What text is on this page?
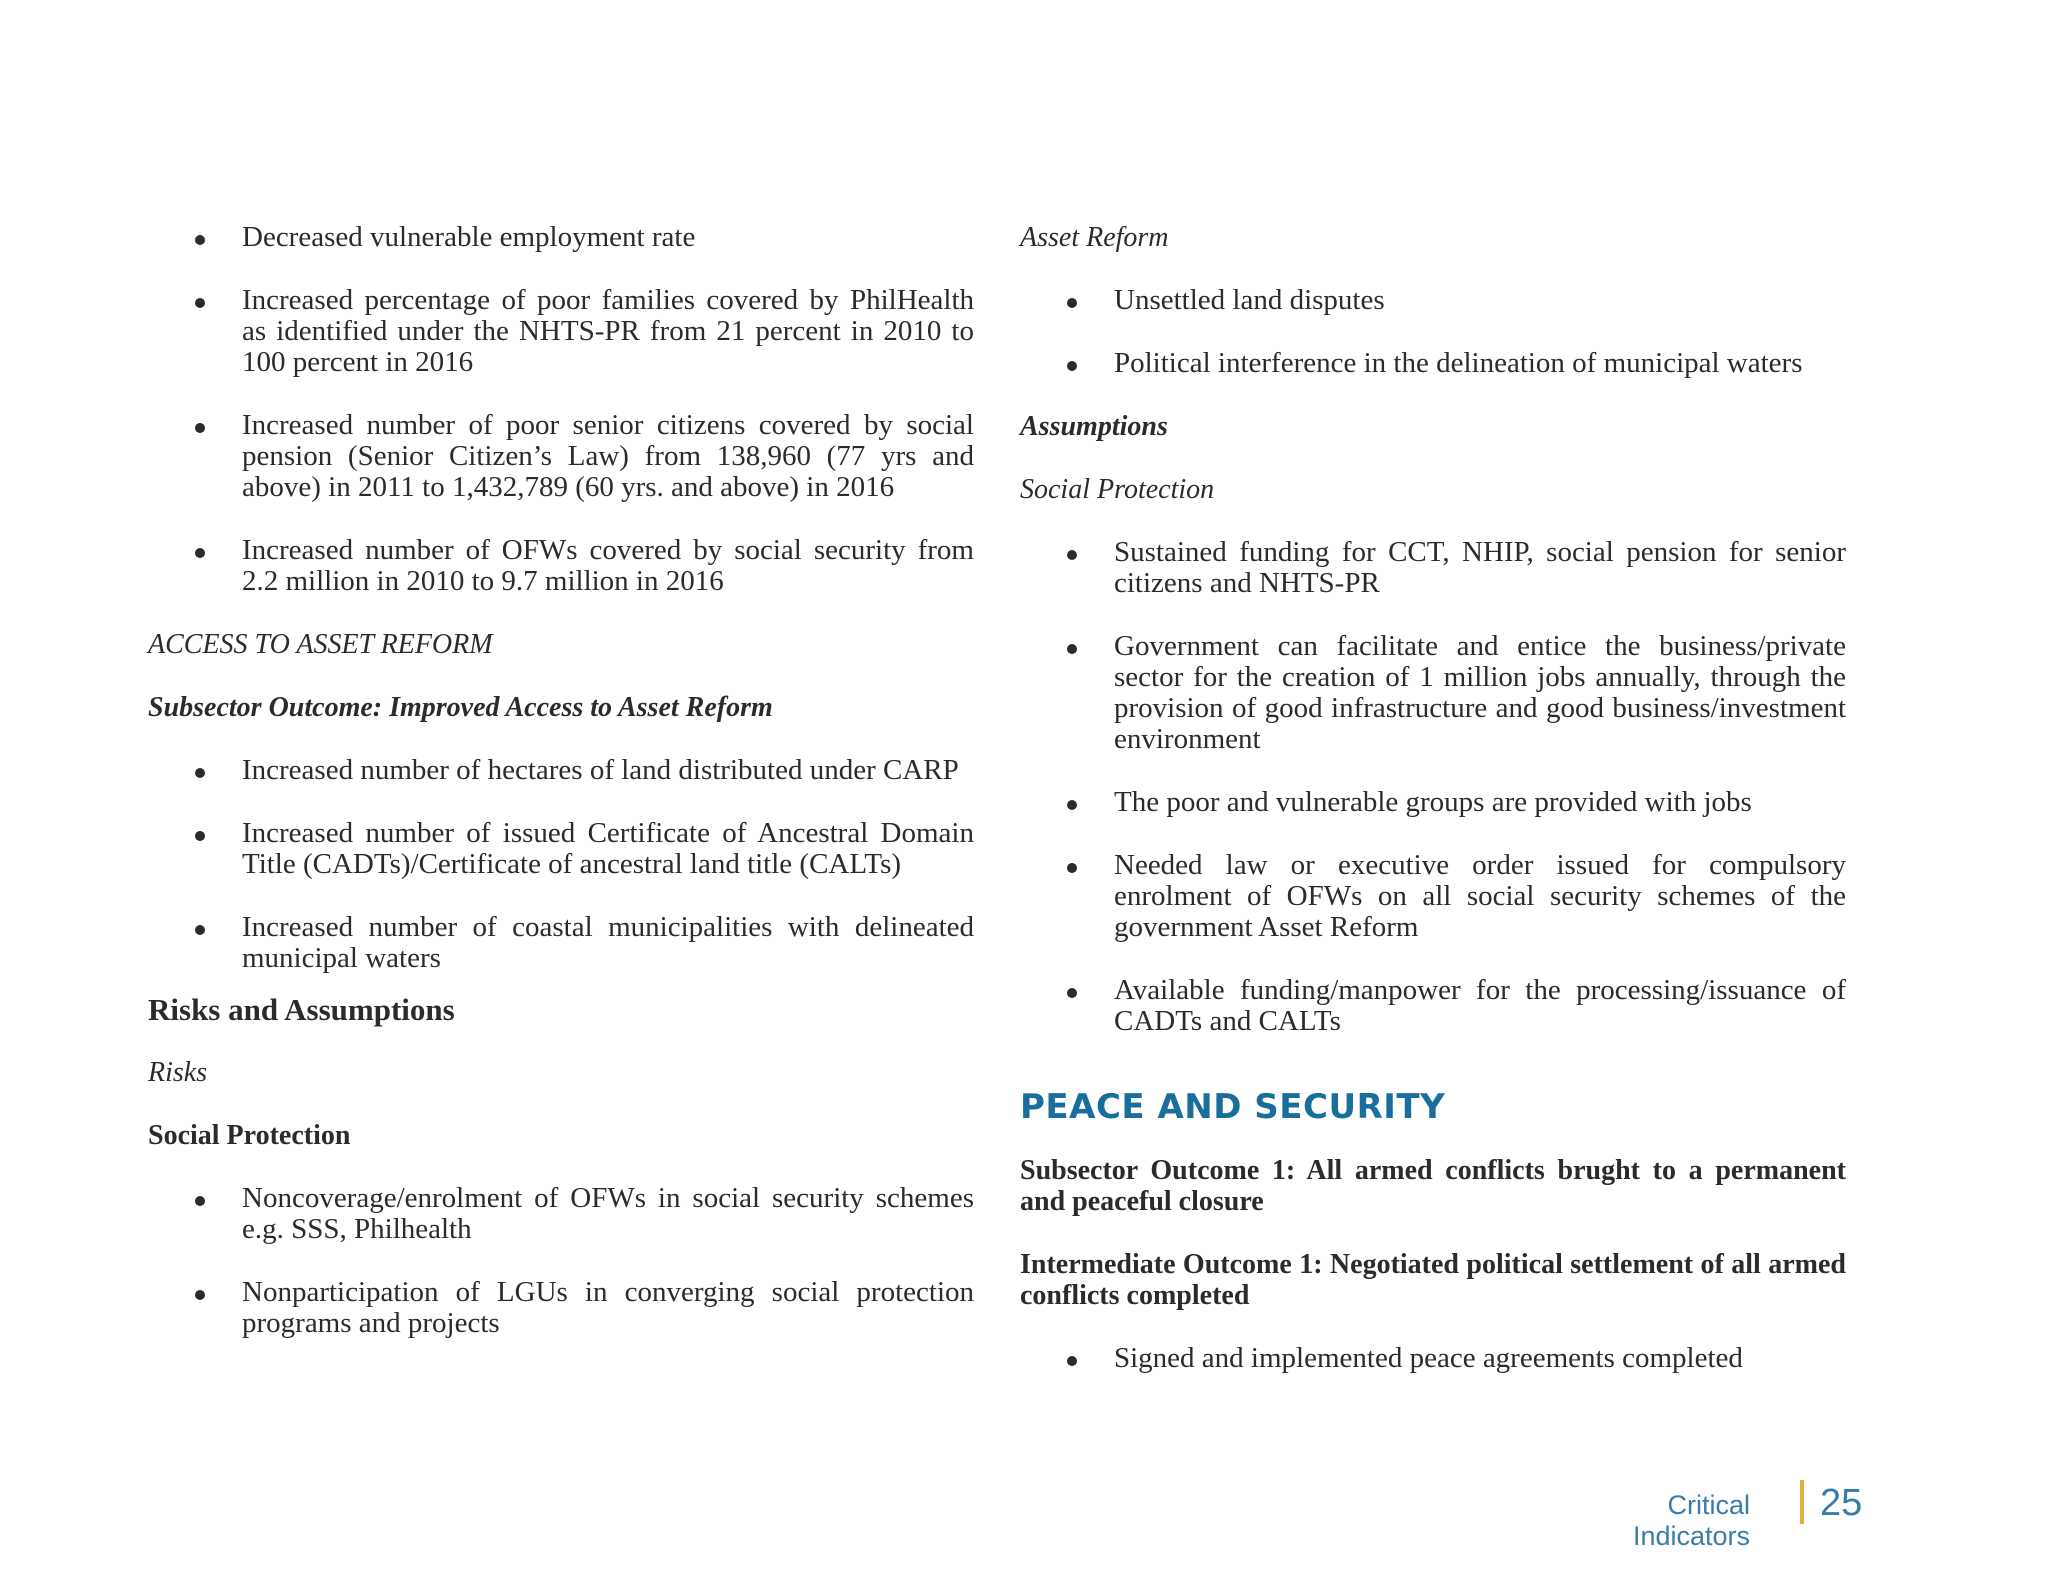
Decreased vulnerable employment rate
Increased percentage of poor families covered by PhilHealth as identified under the NHTS-PR from 21 percent in 2010 to 100 percent in 2016
Increased number of poor senior citizens covered by social pension (Senior Citizen’s Law) from 138,960 (77 yrs and above) in 2011 to 1,432,789 (60 yrs. and above) in 2016
Increased number of OFWs covered by social security from 2.2 million in 2010 to 9.7 million in 2016

ACCESS TO ASSET REFORM

Subsector Outcome: Improved Access to Asset Reform

Increased number of hectares of land distributed under CARP
Increased number of issued Certificate of Ancestral Domain Title (CADTs)/Certificate of ancestral land title (CALTs)
Increased number of coastal municipalities with delineated municipal waters

Risks and Assumptions

Risks

Social Protection

Noncoverage/enrolment of OFWs in social security schemes e.g. SSS, Philhealth
Nonparticipation of LGUs in converging social protection programs and projects

Asset Reform

Unsettled land disputes
Political interference in the delineation of municipal waters

Assumptions

Social Protection

Sustained funding for CCT, NHIP, social pension for senior citizens and NHTS-PR
Government can facilitate and entice the business/private sector for the creation of 1 million jobs annually, through the provision of good infrastructure and good business/investment environment
The poor and vulnerable groups are provided with jobs
Needed law or executive order issued for compulsory enrolment of OFWs on all social security schemes of the government Asset Reform
Available funding/manpower for the processing/issuance of CADTs and CALTs
PEACE AND SECURITY

Subsector Outcome 1: All armed conflicts brught to a permanent and peaceful closure

Intermediate Outcome 1: Negotiated political settlement of all armed conflicts completed

Signed and implemented peace agreements completed
Critical Indicators
25
